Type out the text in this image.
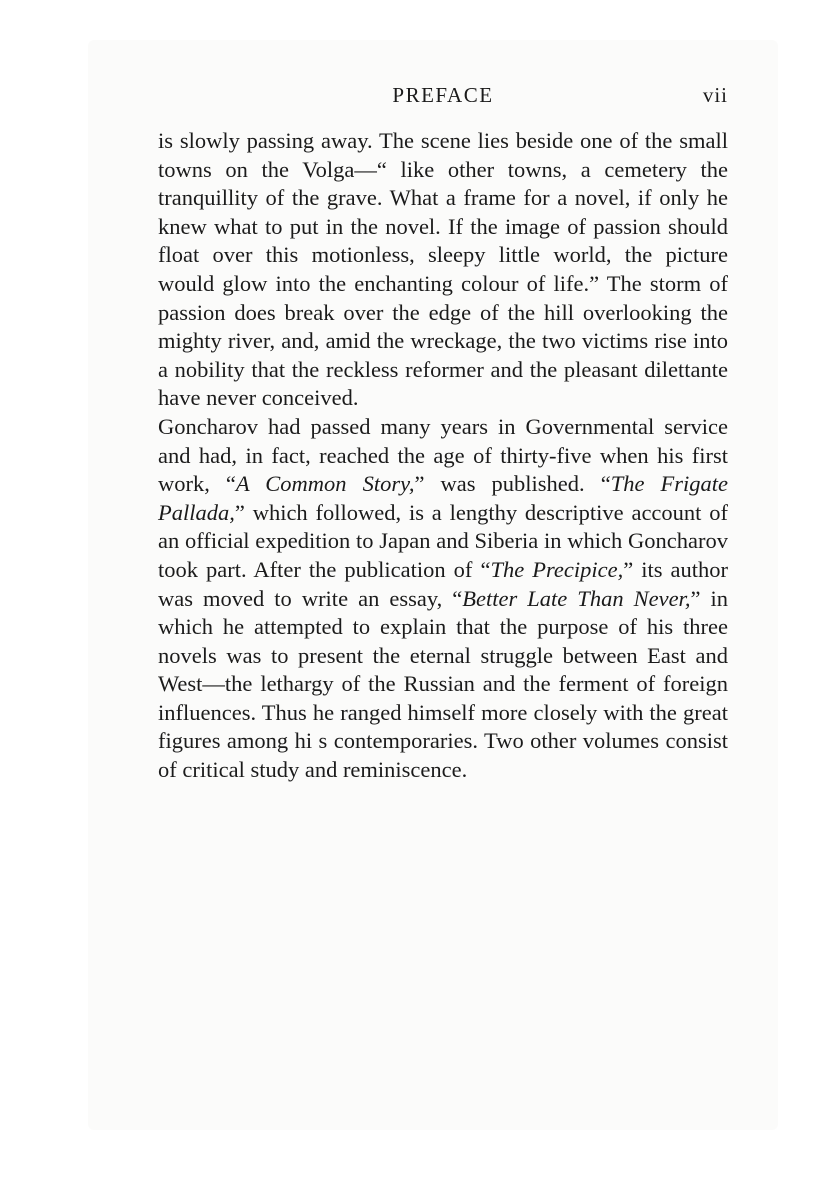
PREFACE	vii

is slowly passing away. The scene lies beside one of the small towns on the Volga—“ like other towns, a cemetery the tranquillity of the grave. What a frame for a novel, if only he knew what to put in the novel. If the image of passion should float over this motionless, sleepy little world, the picture would glow into the enchanting colour of life.” The storm of passion does break over the edge of the hill overlooking the mighty river, and, amid the wreckage, the two victims rise into a nobility that the reckless reformer and the pleasant dilettante have never conceived.

Goncharov had passed many years in Governmental service and had, in fact, reached the age of thirty-five when his first work, “A Common Story,” was published. “The Frigate Pallada,” which followed, is a lengthy descriptive account of an official expedition to Japan and Siberia in which Goncharov took part. After the publication of “The Precipice,” its author was moved to write an essay, “Better Late Than Never,” in which he attempted to explain that the purpose of his three novels was to present the eternal struggle between East and West—the lethargy of the Russian and the ferment of foreign influences. Thus he ranged himself more closely with the great figures among hi s contemporaries. Two other volumes consist of critical study and reminiscence.
